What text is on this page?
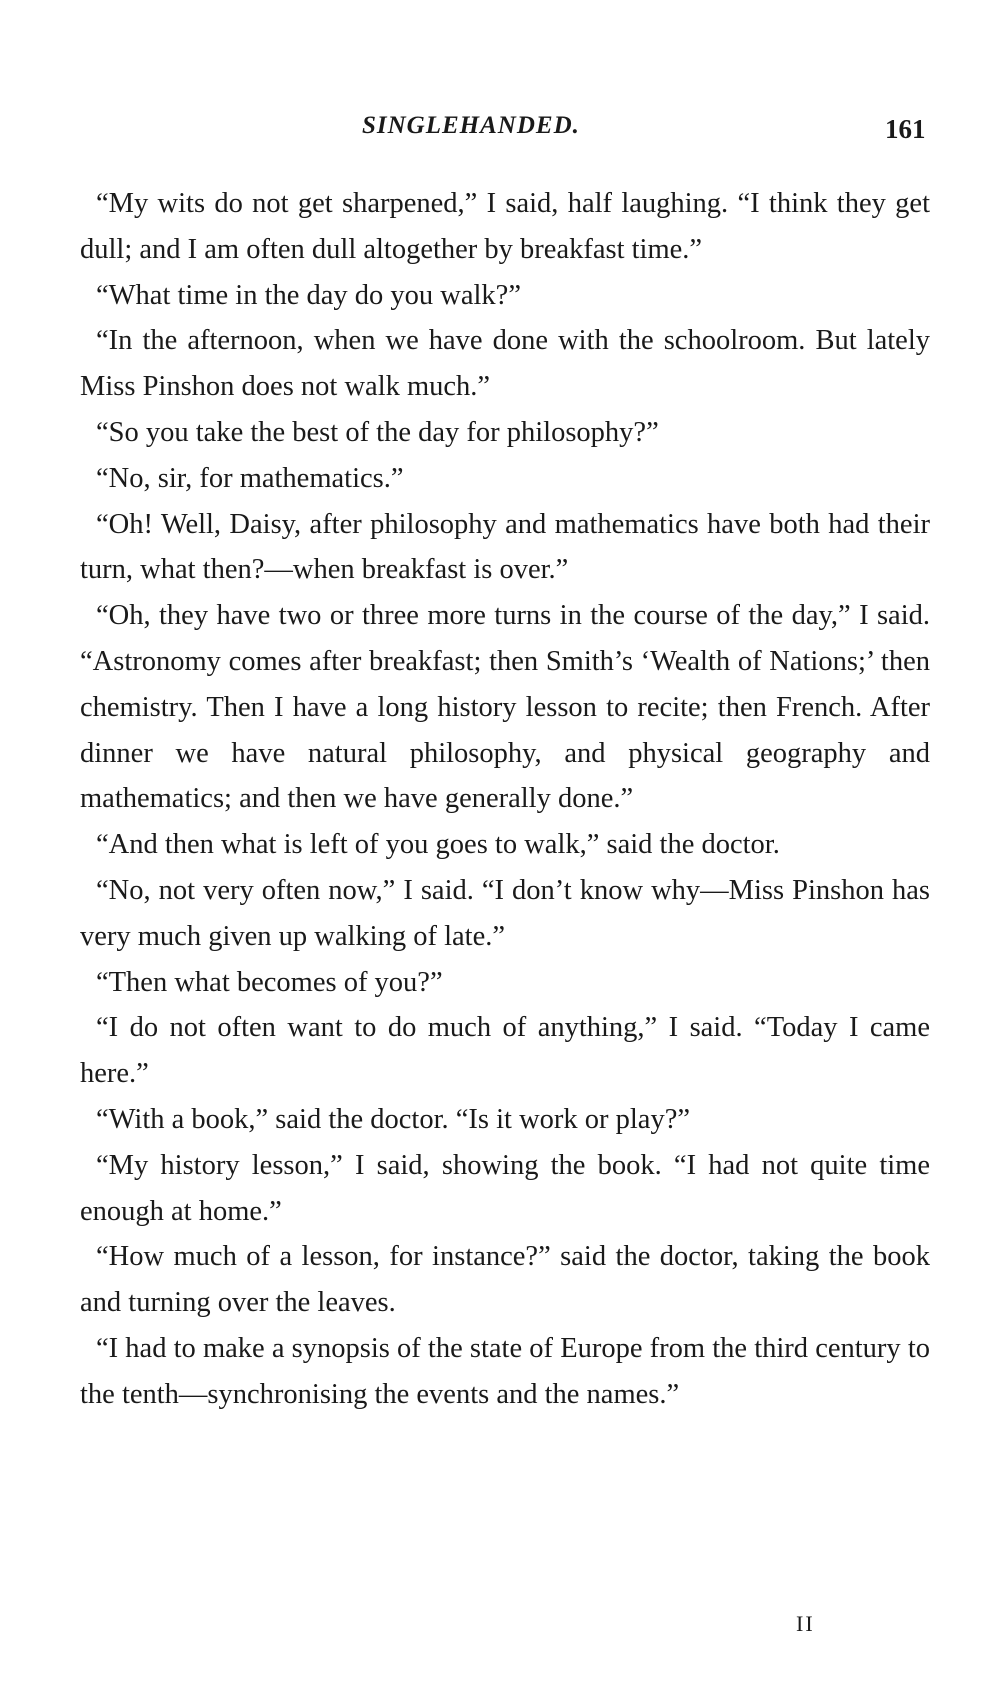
SINGLEHANDED.	161

“My wits do not get sharpened,” I said, half laughing. “I think they get dull; and I am often dull altogether by breakfast time.”

“What time in the day do you walk?”

“In the afternoon, when we have done with the schoolroom. But lately Miss Pinshon does not walk much.”

“So you take the best of the day for philosophy?”

“No, sir, for mathematics.”

“Oh! Well, Daisy, after philosophy and mathematics have both had their turn, what then?—when breakfast is over.”

“Oh, they have two or three more turns in the course of the day,” I said. “Astronomy comes after breakfast; then Smith’s ‘Wealth of Nations;’ then chemistry. Then I have a long history lesson to recite; then French. After dinner we have natural philosophy, and physical geography and mathematics; and then we have generally done.”

“And then what is left of you goes to walk,” said the doctor.

“No, not very often now,” I said. “I don’t know why—Miss Pinshon has very much given up walking of late.”

“Then what becomes of you?”

“I do not often want to do much of anything,” I said. “Today I came here.”

“With a book,” said the doctor. “Is it work or play?”

“My history lesson,” I said, showing the book. “I had not quite time enough at home.”

“How much of a lesson, for instance?” said the doctor, taking the book and turning over the leaves.

“I had to make a synopsis of the state of Europe from the third century to the tenth—synchronising the events and the names.”

II
